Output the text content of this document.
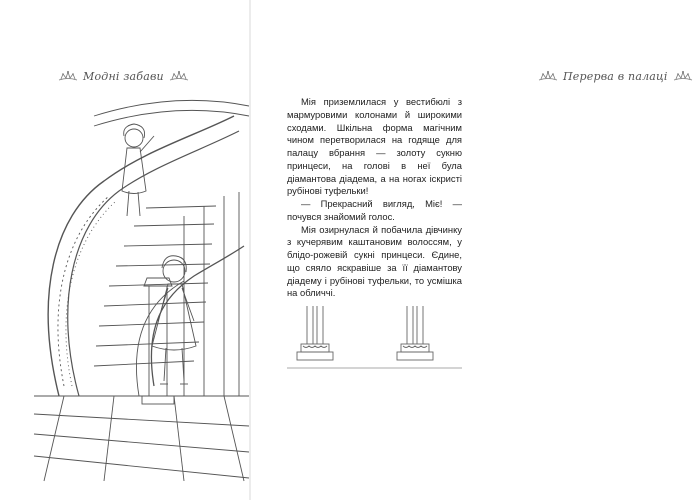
Модні забави	Перерва в палаці

Мія приземлилася у вестибюлі з мармуровими колонами й широкими сходами. Шкільна форма магічним чином перетворилася на годяще для палацу вбрання — золоту сукню принцеси, на голові в неї була діамантова діадема, а на ногах іскристі рубінові туфельки!

— Прекрасний вигляд, Міє! — почувся знайомий голос.

Мія озирнулася й побачила дівчинку з кучерявим каштановим волоссям, у блідо-рожевій сукні принцеси. Єдине, що сяяло яскравіше за її діамантову діадему і рубінові туфельки, то усмішка на обличчі.
